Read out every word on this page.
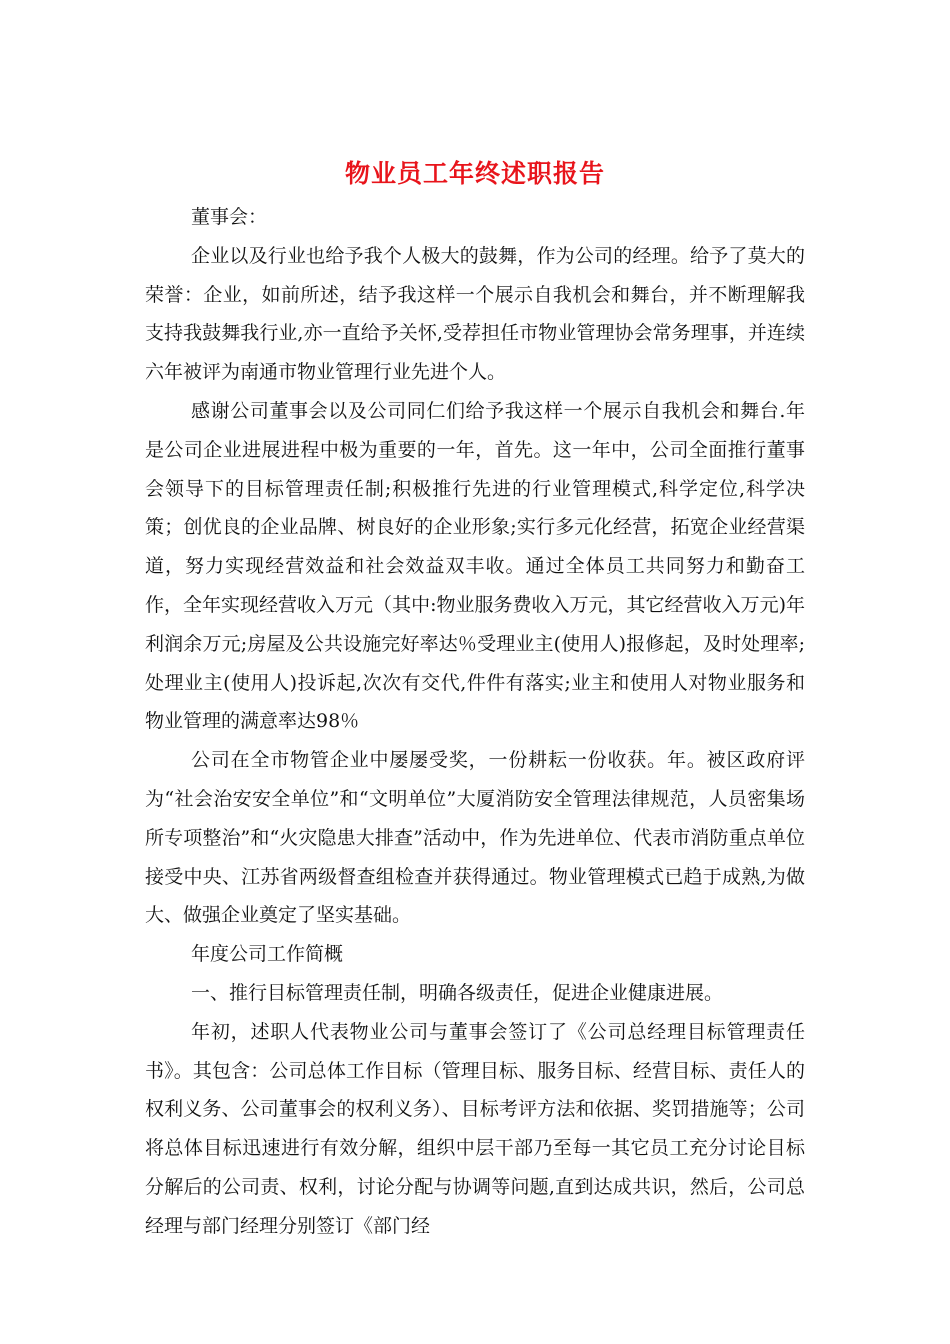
物业员工年终述职报告

董事会：

企业以及行业也给予我个人极大的鼓舞，作为公司的经理。给予了莫大的荣誉：企业，如前所述，结予我这样一个展示自我机会和舞台，并不断理解我支持我鼓舞我行业,亦一直给予关怀,受荐担任市物业管理协会常务理事，并连续六年被评为南通市物业管理行业先进个人。

感谢公司董事会以及公司同仁们给予我这样一个展示自我机会和舞台.年是公司企业进展进程中极为重要的一年，首先。这一年中，公司全面推行董事会领导下的目标管理责任制;积极推行先进的行业管理模式,科学定位,科学决策；创优良的企业品牌、树良好的企业形象;实行多元化经营，拓宽企业经营渠道，努力实现经营效益和社会效益双丰收。通过全体员工共同努力和勤奋工作，全年实现经营收入万元（其中:物业服务费收入万元，其它经营收入万元)年利润余万元;房屋及公共设施完好率达％受理业主(使用人)报修起，及时处理率;处理业主(使用人)投诉起,次次有交代,件件有落实;业主和使用人对物业服务和物业管理的满意率达98％

公司在全市物管企业中屡屡受奖，一份耕耘一份收获。年。被区政府评为“社会治安安全单位”和“文明单位”大厦消防安全管理法律规范，人员密集场所专项整治”和“火灾隐患大排查”活动中，作为先进单位、代表市消防重点单位接受中央、江苏省两级督查组检查并获得通过。物业管理模式已趋于成熟,为做大、做强企业奠定了坚实基础。

年度公司工作简概

一、推行目标管理责任制，明确各级责任，促进企业健康进展。

年初，述职人代表物业公司与董事会签订了《公司总经理目标管理责任书》。其包含：公司总体工作目标（管理目标、服务目标、经营目标、责任人的权利义务、公司董事会的权利义务）、目标考评方法和依据、奖罚措施等；公司将总体目标迅速进行有效分解，组织中层干部乃至每一其它员工充分讨论目标分解后的公司责、权利，讨论分配与协调等问题,直到达成共识，然后，公司总经理与部门经理分别签订《部门经
